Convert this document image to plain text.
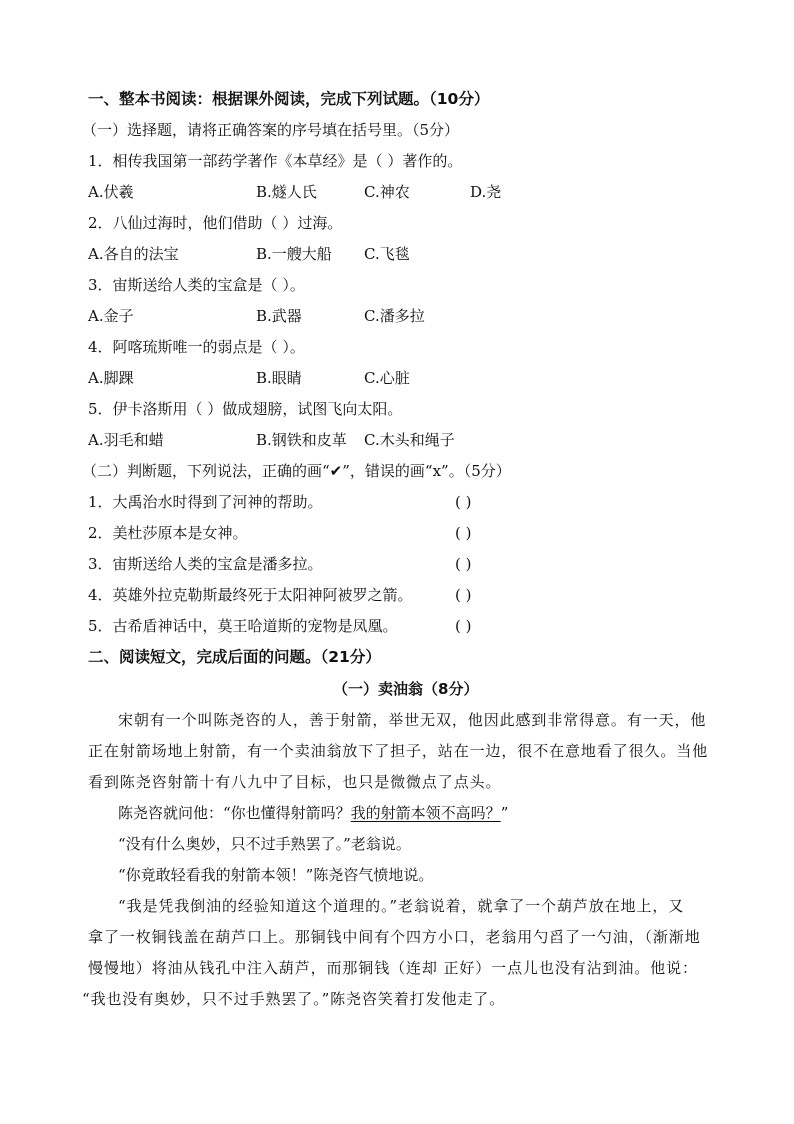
一、整本书阅读：根据课外阅读，完成下列试题。（10分）
（一）选择题，请将正确答案的序号填在括号里。（5分）
1．相传我国第一部药学著作《本草经》是（ ）著作的。
A.伏羲	B.燧人氏	C.神农	D.尧
2．八仙过海时，他们借助（ ）过海。
A.各自的法宝	B.一艘大船 C.飞毯
3．宙斯送给人类的宝盒是（ ）。
A.金子	B.武器	C.潘多拉
4．阿喀琉斯唯一的弱点是（ ）。
A.脚踝	B.眼睛	C.心脏
5．伊卡洛斯用（ ）做成翅膀，试图飞向太阳。
A.羽毛和蜡	B.钢铁和皮革 C.木头和绳子
（二）判断题，下列说法，正确的画“✔”，错误的画“x”。（5分）
1．大禹治水时得到了河神的帮助。	( )
2．美杜莎原本是女神。	( )
3．宙斯送给人类的宝盒是潘多拉。	( )
4．英雄外拉克勒斯最终死于太阳神阿被罗之箭。	( )
5．古希盾神话中，莫王哈道斯的宠物是凤凰。	( )
二、阅读短文，完成后面的问题。（21分）
（一）卖油翁（8分）
宋朝有一个叫陈尧咨的人，善于射箭，举世无双，他因此感到非常得意。有一天，他
正在射箭场地上射箭，有一个卖油翁放下了担子，站在一边，很不在意地看了很久。当他
看到陈尧咨射箭十有八九中了目标，也只是微微点了点头。
陈尧咨就问他：“你也懂得射箭吗？我的射箭本领不高吗？”
“没有什么奥妙，只不过手熟罢了。”老翁说。
“你竟敢轻看我的射箭本领！”陈尧咨气愤地说。
“我是凭我倒油的经验知道这个道理的。”老翁说着，就拿了一个葫芦放在地上，又
拿了一枚铜钱盖在葫芦口上。那铜钱中间有个四方小口，老翁用勺舀了一勺油，（渐渐地
慢慢地）将油从钱孔中注入葫芦，而那铜钱（连却 正好）一点儿也没有沾到油。他说：
“我也没有奥妙，只不过手熟罢了。”陈尧咨笑着打发他走了。
